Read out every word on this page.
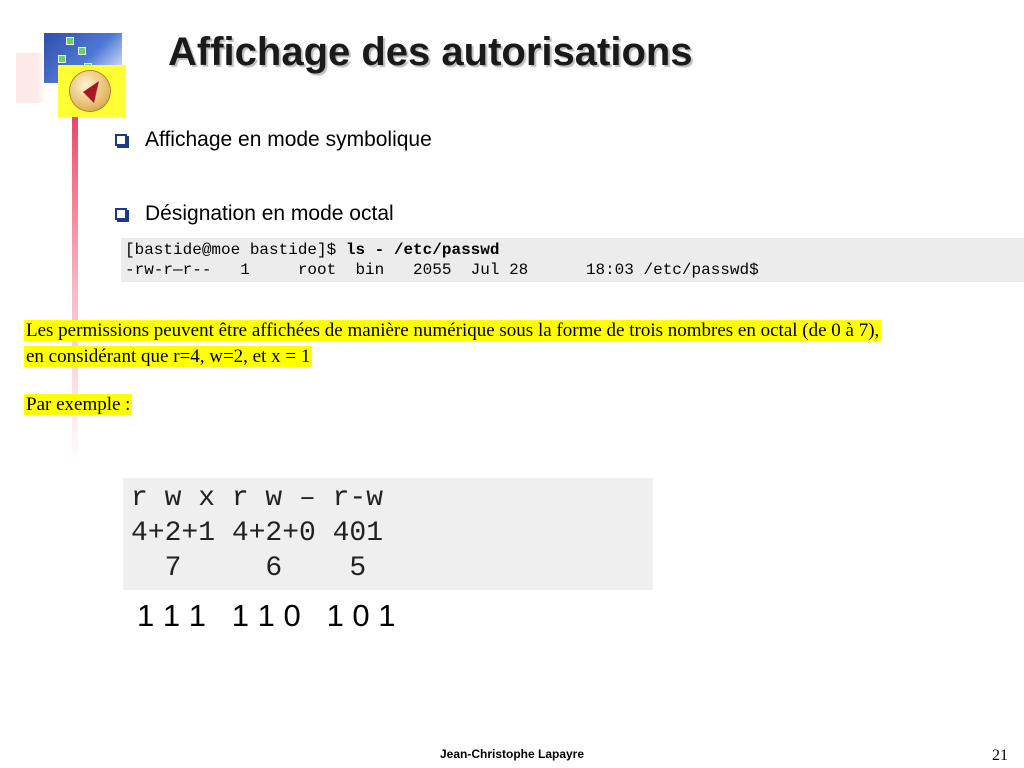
Affichage des autorisations
Affichage en mode symbolique
Désignation en mode octal
[bastide@moe bastide]$ ls - /etc/passwd
-rw-r—r--   1     root  bin   2055  Jul 28      18:03 /etc/passwd$
Les permissions peuvent être affichées de manière numérique sous la forme de trois nombres en octal (de 0 à 7),
en considérant que r=4, w=2, et x = 1
Par exemple :
r w x r w – r-w
4+2+1 4+2+0 401
7     6    5
1 1 1   1 1 0   1 0 1
Jean-Christophe Lapayre	21
